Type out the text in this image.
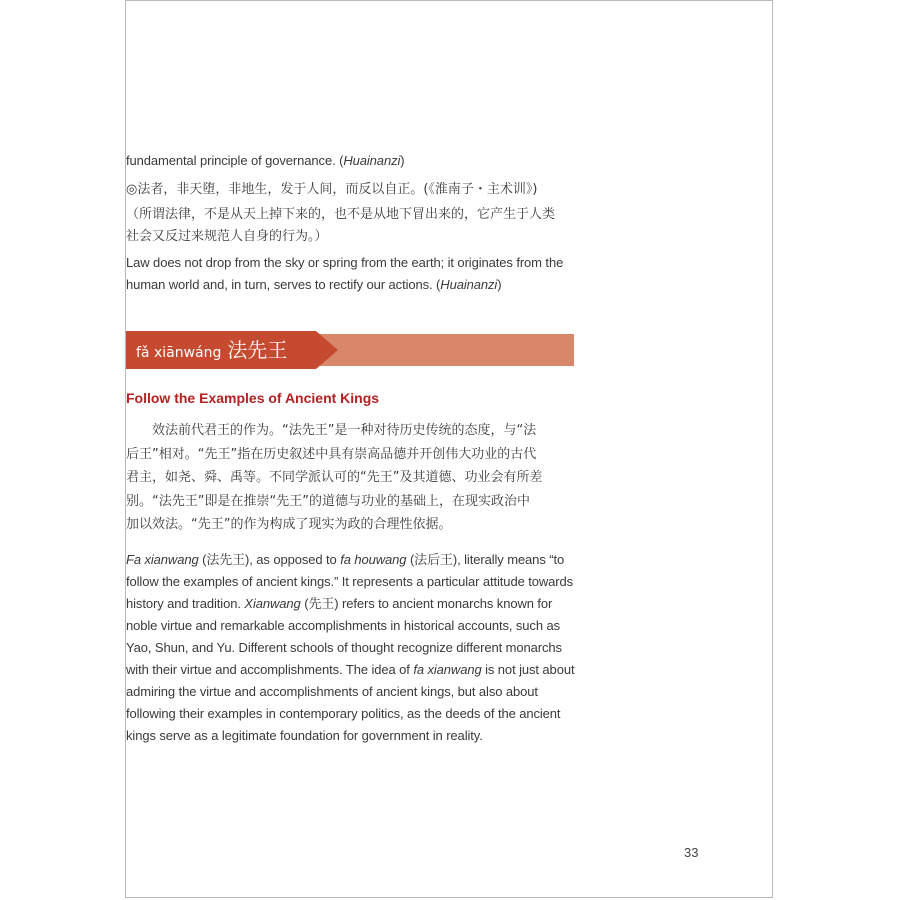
fundamental principle of governance. (Huainanzi)

◎法者，非天堕，非地生，发于人间，而反以自正。(《淮南子・主术训》)

（所谓法律，不是从天上掉下来的，也不是从地下冒出来的，它产生于人类

社会又反过来规范人自身的行为。）

Law does not drop from the sky or spring from the earth; it originates from the

human world and, in turn, serves to rectify our actions. (Huainanzi)

fǎ xiānwáng 法先王

Follow the Examples of Ancient Kings

　　效法前代君王的作为。“法先王”是一种对待历史传统的态度，与“法

后王”相对。“先王”指在历史叙述中具有崇高品德并开创伟大功业的古代

君主，如尧、舜、禹等。不同学派认可的“先王”及其道德、功业会有所差

别。“法先王”即是在推崇“先王”的道德与功业的基础上，在现实政治中

加以效法。“先王”的作为构成了现实为政的合理性依据。

Fa xianwang (法先王), as opposed to fa houwang (法后王), literally means “to

follow the examples of ancient kings.” It represents a particular attitude towards

history and tradition. Xianwang (先王) refers to ancient monarchs known for

noble virtue and remarkable accomplishments in historical accounts, such as

Yao, Shun, and Yu. Different schools of thought recognize different monarchs

with their virtue and accomplishments. The idea of fa xianwang is not just about

admiring the virtue and accomplishments of ancient kings, but also about

following their examples in contemporary politics, as the deeds of the ancient

kings serve as a legitimate foundation for government in reality.

33
